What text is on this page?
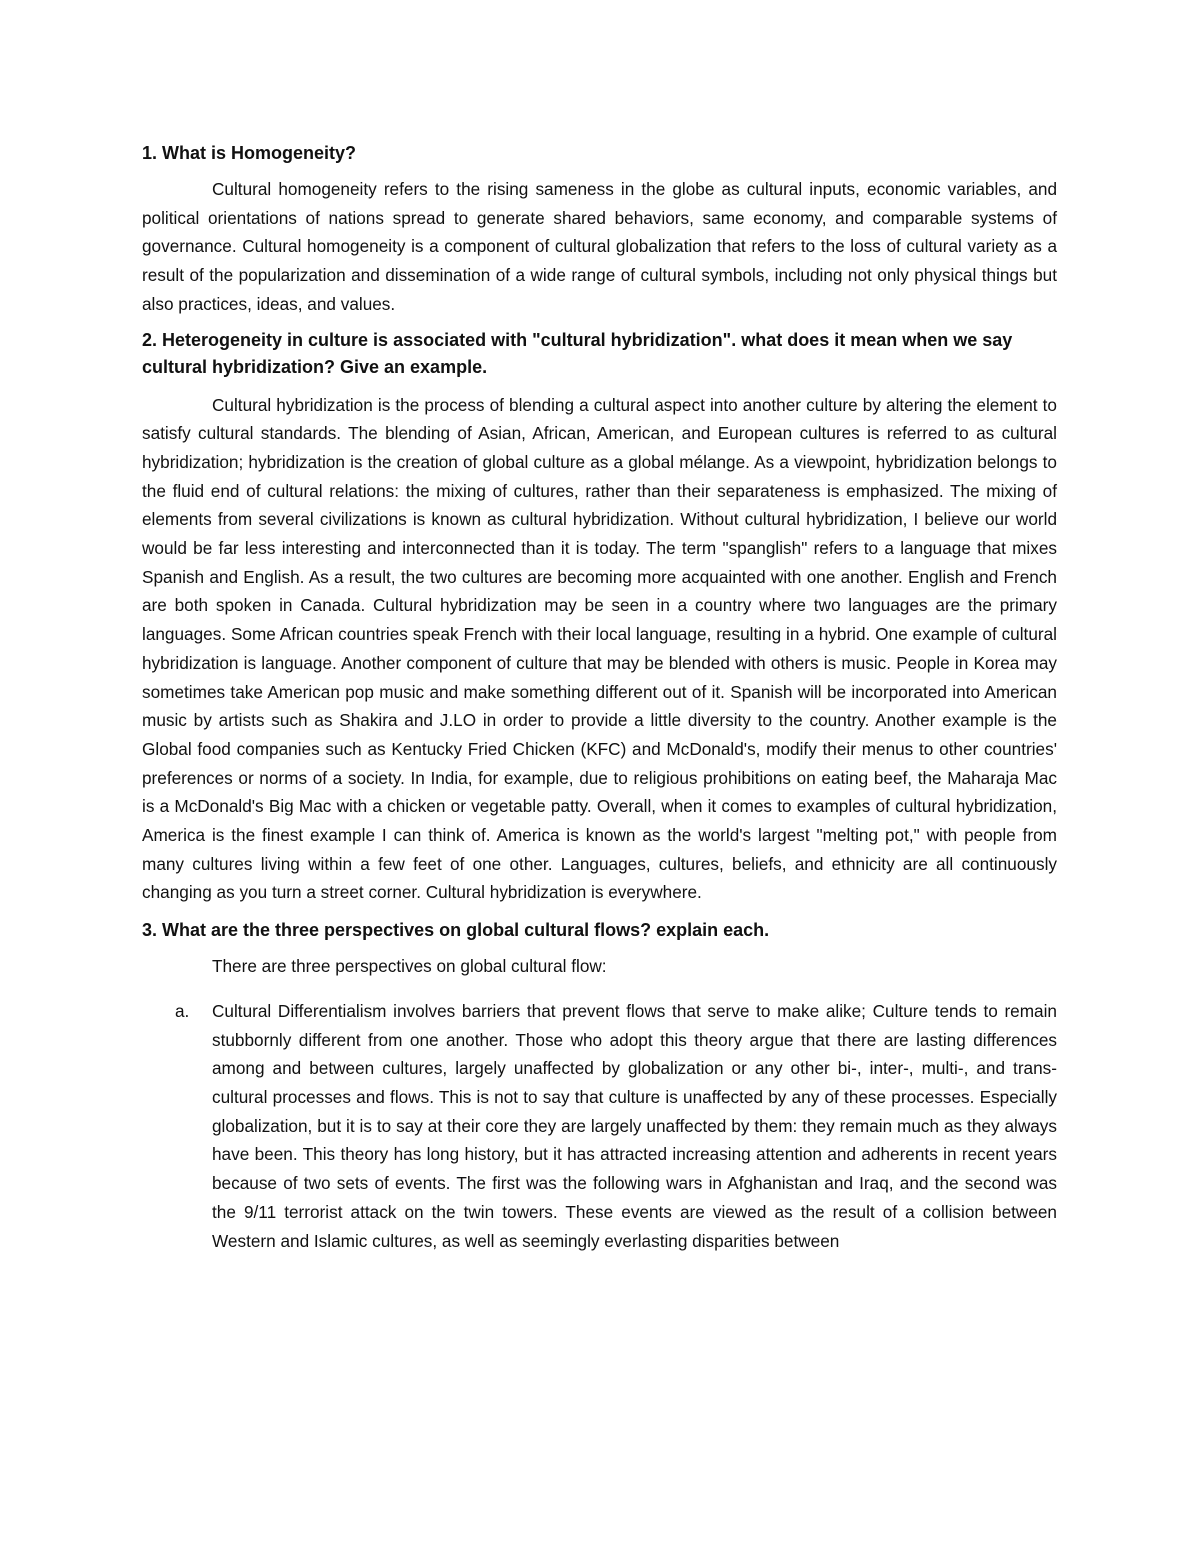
1. What is Homogeneity?

Cultural homogeneity refers to the rising sameness in the globe as cultural inputs, economic variables, and political orientations of nations spread to generate shared behaviors, same economy, and comparable systems of governance. Cultural homogeneity is a component of cultural globalization that refers to the loss of cultural variety as a result of the popularization and dissemination of a wide range of cultural symbols, including not only physical things but also practices, ideas, and values.

2. Heterogeneity in culture is associated with "cultural hybridization". what does it mean when we say cultural hybridization? Give an example.

Cultural hybridization is the process of blending a cultural aspect into another culture by altering the element to satisfy cultural standards. The blending of Asian, African, American, and European cultures is referred to as cultural hybridization; hybridization is the creation of global culture as a global mélange. As a viewpoint, hybridization belongs to the fluid end of cultural relations: the mixing of cultures, rather than their separateness is emphasized. The mixing of elements from several civilizations is known as cultural hybridization. Without cultural hybridization, I believe our world would be far less interesting and interconnected than it is today. The term "spanglish" refers to a language that mixes Spanish and English. As a result, the two cultures are becoming more acquainted with one another. English and French are both spoken in Canada. Cultural hybridization may be seen in a country where two languages are the primary languages. Some African countries speak French with their local language, resulting in a hybrid. One example of cultural hybridization is language. Another component of culture that may be blended with others is music. People in Korea may sometimes take American pop music and make something different out of it. Spanish will be incorporated into American music by artists such as Shakira and J.LO in order to provide a little diversity to the country. Another example is the Global food companies such as Kentucky Fried Chicken (KFC) and McDonald's, modify their menus to other countries' preferences or norms of a society. In India, for example, due to religious prohibitions on eating beef, the Maharaja Mac is a McDonald's Big Mac with a chicken or vegetable patty. Overall, when it comes to examples of cultural hybridization, America is the finest example I can think of. America is known as the world's largest "melting pot," with people from many cultures living within a few feet of one other. Languages, cultures, beliefs, and ethnicity are all continuously changing as you turn a street corner. Cultural hybridization is everywhere.

3. What are the three perspectives on global cultural flows? explain each.

There are three perspectives on global cultural flow:

a. Cultural Differentialism involves barriers that prevent flows that serve to make alike; Culture tends to remain stubbornly different from one another. Those who adopt this theory argue that there are lasting differences among and between cultures, largely unaffected by globalization or any other bi-, inter-, multi-, and trans-cultural processes and flows. This is not to say that culture is unaffected by any of these processes. Especially globalization, but it is to say at their core they are largely unaffected by them: they remain much as they always have been. This theory has long history, but it has attracted increasing attention and adherents in recent years because of two sets of events. The first was the following wars in Afghanistan and Iraq, and the second was the 9/11 terrorist attack on the twin towers. These events are viewed as the result of a collision between Western and Islamic cultures, as well as seemingly everlasting disparities between
